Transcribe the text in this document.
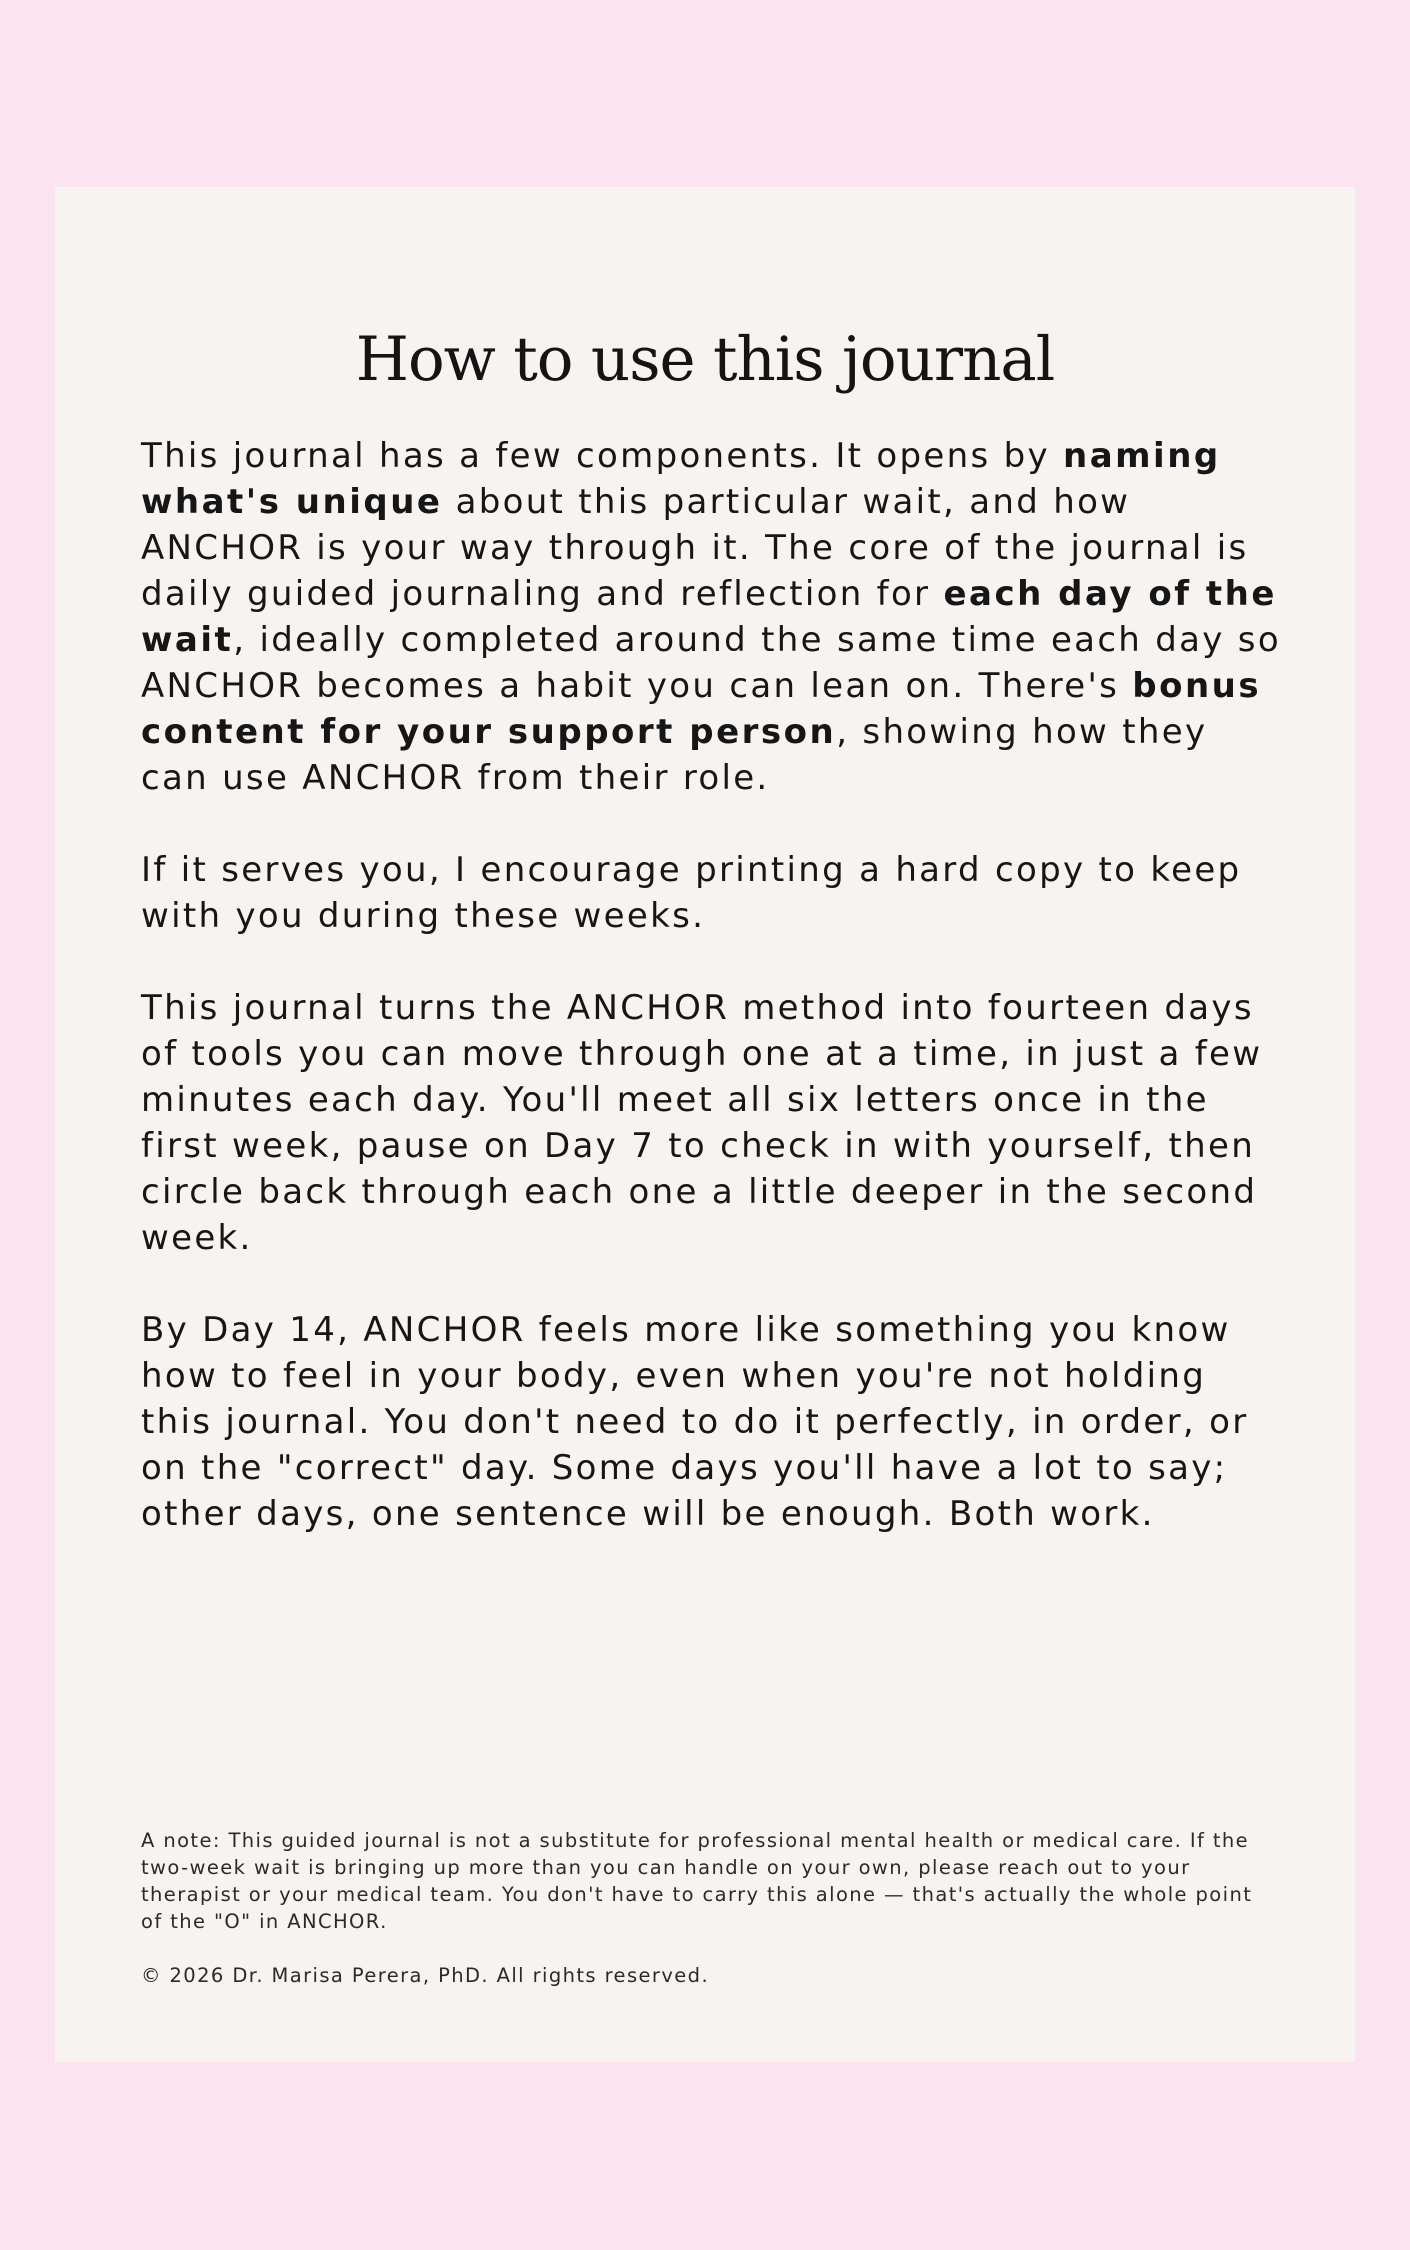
How to use this journal

This journal has a few components. It opens by naming what's unique about this particular wait, and how ANCHOR is your way through it. The core of the journal is daily guided journaling and reflection for each day of the wait, ideally completed around the same time each day so ANCHOR becomes a habit you can lean on. There's bonus content for your support person, showing how they can use ANCHOR from their role.

If it serves you, I encourage printing a hard copy to keep with you during these weeks.

This journal turns the ANCHOR method into fourteen days of tools you can move through one at a time, in just a few minutes each day. You'll meet all six letters once in the first week, pause on Day 7 to check in with yourself, then circle back through each one a little deeper in the second week.

By Day 14, ANCHOR feels more like something you know how to feel in your body, even when you're not holding this journal. You don't need to do it perfectly, in order, or on the "correct" day. Some days you'll have a lot to say; other days, one sentence will be enough. Both work.

A note: This guided journal is not a substitute for professional mental health or medical care. If the two-week wait is bringing up more than you can handle on your own, please reach out to your therapist or your medical team. You don't have to carry this alone — that's actually the whole point of the "O" in ANCHOR.

© 2026 Dr. Marisa Perera, PhD. All rights reserved.
